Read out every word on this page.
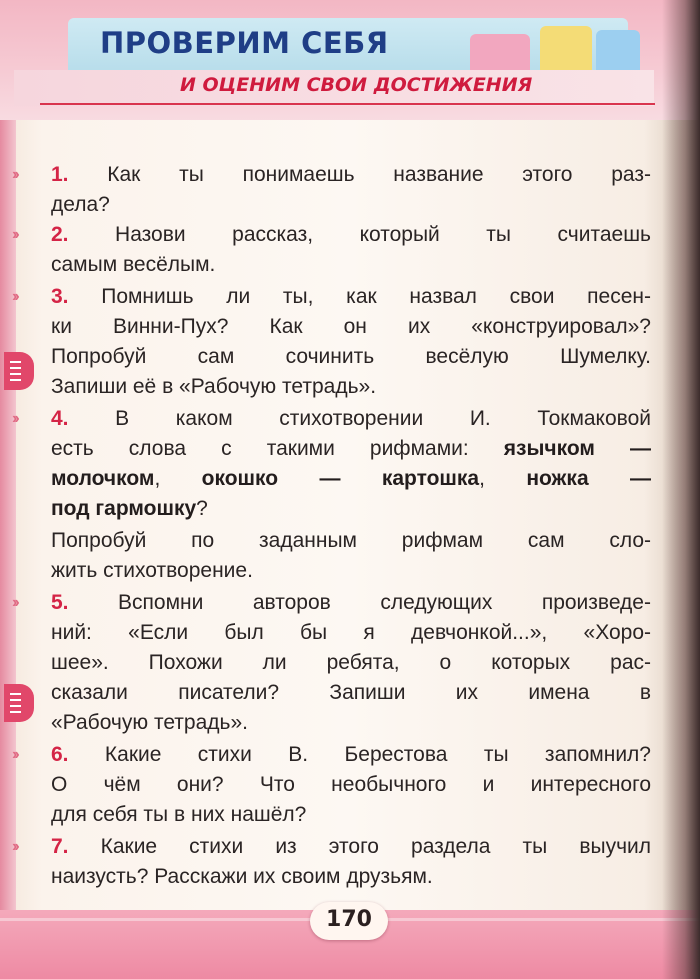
ПРОВЕРИМ СЕБЯ
И ОЦЕНИМ СВОИ ДОСТИЖЕНИЯ
›› 1. Как ты понимаешь название этого раз-
дела?
›› 2. Назови рассказ, который ты считаешь
самым весёлым.
›› 3. Помнишь ли ты, как назвал свои песен-
ки Винни-Пух? Как он их «конструировал»?
Попробуй сам сочинить весёлую Шумелку.
Запиши её в «Рабочую тетрадь».
›› 4. В каком стихотворении И. Токмаковой
есть слова с такими рифмами: язычком —
молочком, окошко — картошка, ножка —
под гармошку?
Попробуй по заданным рифмам сам сло-
жить стихотворение.
›› 5. Вспомни авторов следующих произведе-
ний: «Если был бы я девчонкой...», «Хоро-
шее». Похожи ли ребята, о которых рас-
сказали писатели? Запиши их имена в
«Рабочую тетрадь».
›› 6. Какие стихи В. Берестова ты запомнил?
О чём они? Что необычного и интересного
для себя ты в них нашёл?
›› 7. Какие стихи из этого раздела ты выучил
наизусть? Расскажи их своим друзьям.
170
